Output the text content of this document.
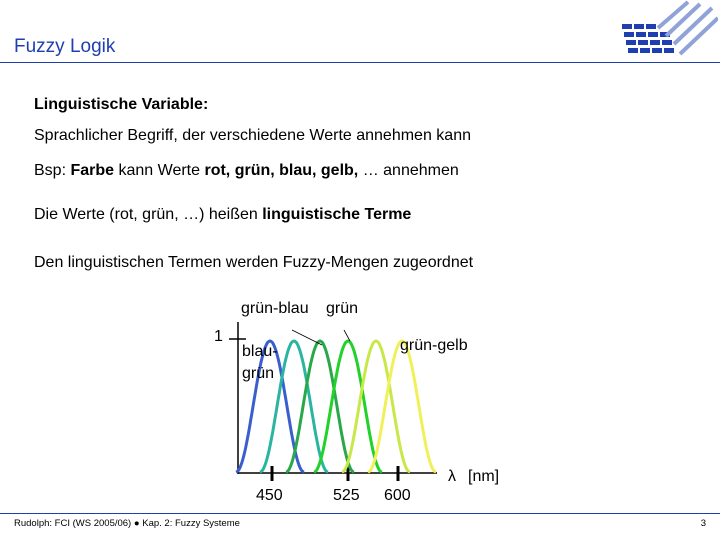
Fuzzy Logik
Linguistische Variable:
Sprachlicher Begriff, der verschiedene Werte annehmen kann
Bsp: Farbe kann Werte rot, grün, blau, gelb, … annehmen
Die Werte (rot, grün, …) heißen linguistische Terme
Den linguistischen Termen werden Fuzzy-Mengen zugeordnet
1
grün-blau grün
blau-
grün
grün-gelb
450	525 600
λ [nm]
Rudolph: FCI (WS 2005/06) ● Kap. 2: Fuzzy Systeme	3
